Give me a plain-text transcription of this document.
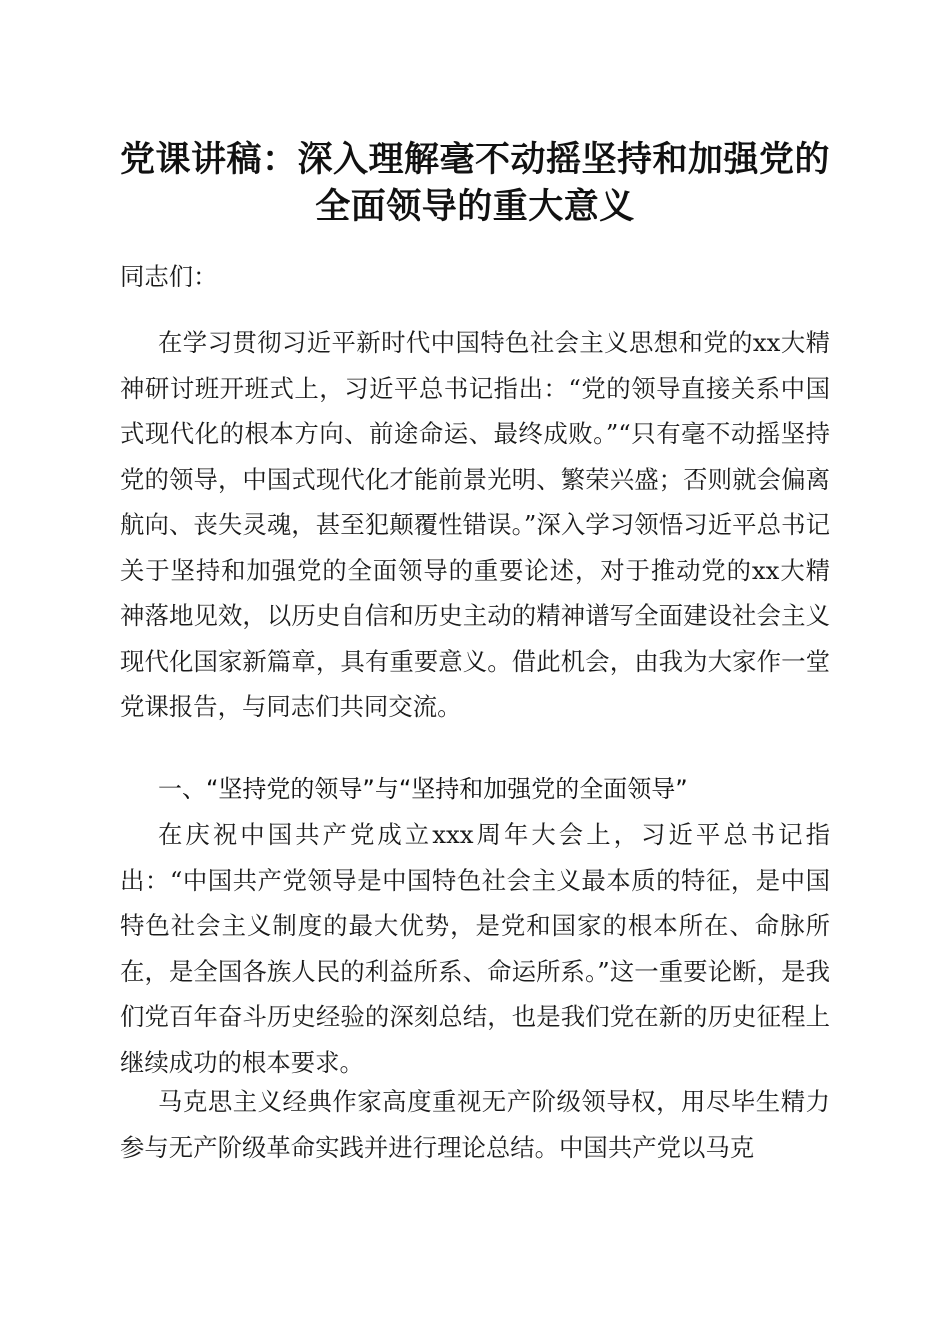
党课讲稿：深入理解毫不动摇坚持和加强党的
全面领导的重大意义
同志们：
在学习贯彻习近平新时代中国特色社会主义思想和党的xx大精神研讨班开班式上，习近平总书记指出：“党的领导直接关系中国式现代化的根本方向、前途命运、最终成败。”“只有毫不动摇坚持党的领导，中国式现代化才能前景光明、繁荣兴盛；否则就会偏离航向、丧失灵魂，甚至犯颠覆性错误。”深入学习领悟习近平总书记关于坚持和加强党的全面领导的重要论述，对于推动党的xx大精神落地见效，以历史自信和历史主动的精神谱写全面建设社会主义现代化国家新篇章，具有重要意义。借此机会，由我为大家作一堂党课报告，与同志们共同交流。
一、“坚持党的领导”与“坚持和加强党的全面领导”
在庆祝中国共产党成立xxx周年大会上，习近平总书记指出：“中国共产党领导是中国特色社会主义最本质的特征，是中国特色社会主义制度的最大优势，是党和国家的根本所在、命脉所在，是全国各族人民的利益所系、命运所系。”这一重要论断，是我们党百年奋斗历史经验的深刻总结，也是我们党在新的历史征程上继续成功的根本要求。
马克思主义经典作家高度重视无产阶级领导权，用尽毕生精力参与无产阶级革命实践并进行理论总结。中国共产党以马克
